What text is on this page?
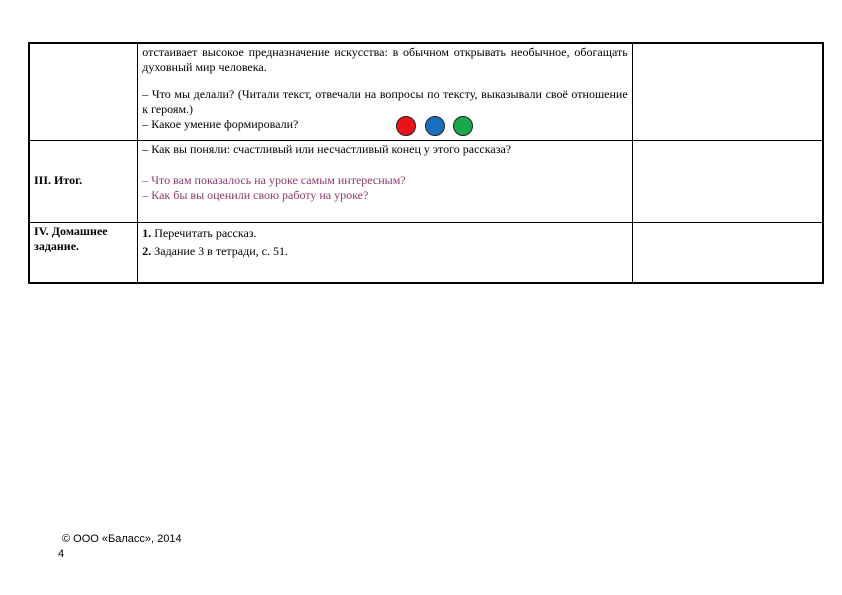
	отстаивает высокое предназначение искусства: в обычном открывать необычное, обогащать духовный мир человека.
– Что мы делали? (Читали текст, отвечали на вопросы по тексту, выказывали своё отношение к героям.)
– Какое умение формировали?	

III. Итог.	– Как вы поняли: счастливый или несчастливый конец у этого рассказа?
– Что вам показалось на уроке самым интересным?
– Как бы вы оценили свою работу на уроке?	

IV. Домашнее задание.	1. Перечитать рассказ.
2. Задание 3 в тетради, с. 51.	

© ООО «Баласс», 2014
4
